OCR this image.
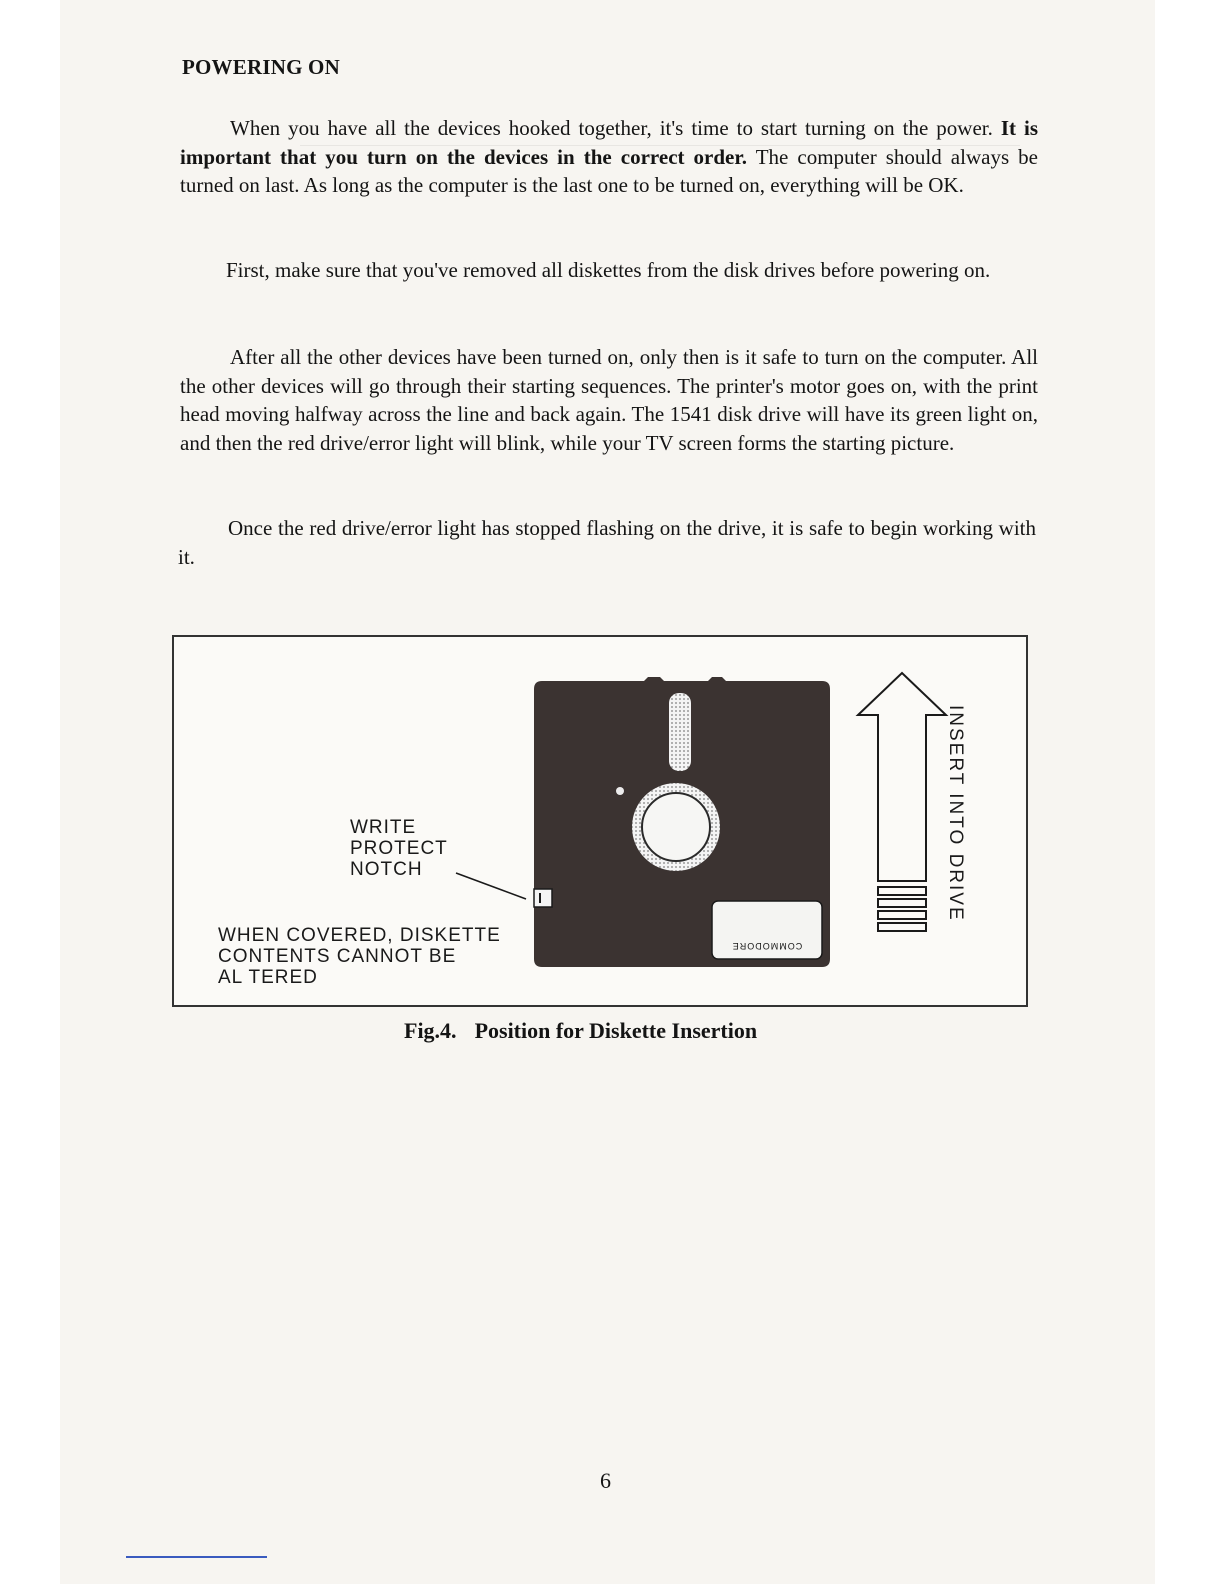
POWERING ON

When you have all the devices hooked together, it's time to start turning on the power. It is important that you turn on the devices in the correct order. The computer should always be turned on last. As long as the computer is the last one to be turned on, everything will be OK.

First, make sure that you've removed all diskettes from the disk drives before powering on.

After all the other devices have been turned on, only then is it safe to turn on the computer. All the other devices will go through their starting sequences. The printer's motor goes on, with the print head moving halfway across the line and back again. The 1541 disk drive will have its green light on, and then the red drive/error light will blink, while your TV screen forms the starting picture.

Once the red drive/error light has stopped flashing on the drive, it is safe to begin working with it.

COMMODORE
WRITE
PROTECT
NOTCH
WHEN COVERED, DISKETTE
CONTENTS CANNOT BE
AL TERED
INSERT INTO DRIVE
Fig.4. Position for Diskette Insertion
6
